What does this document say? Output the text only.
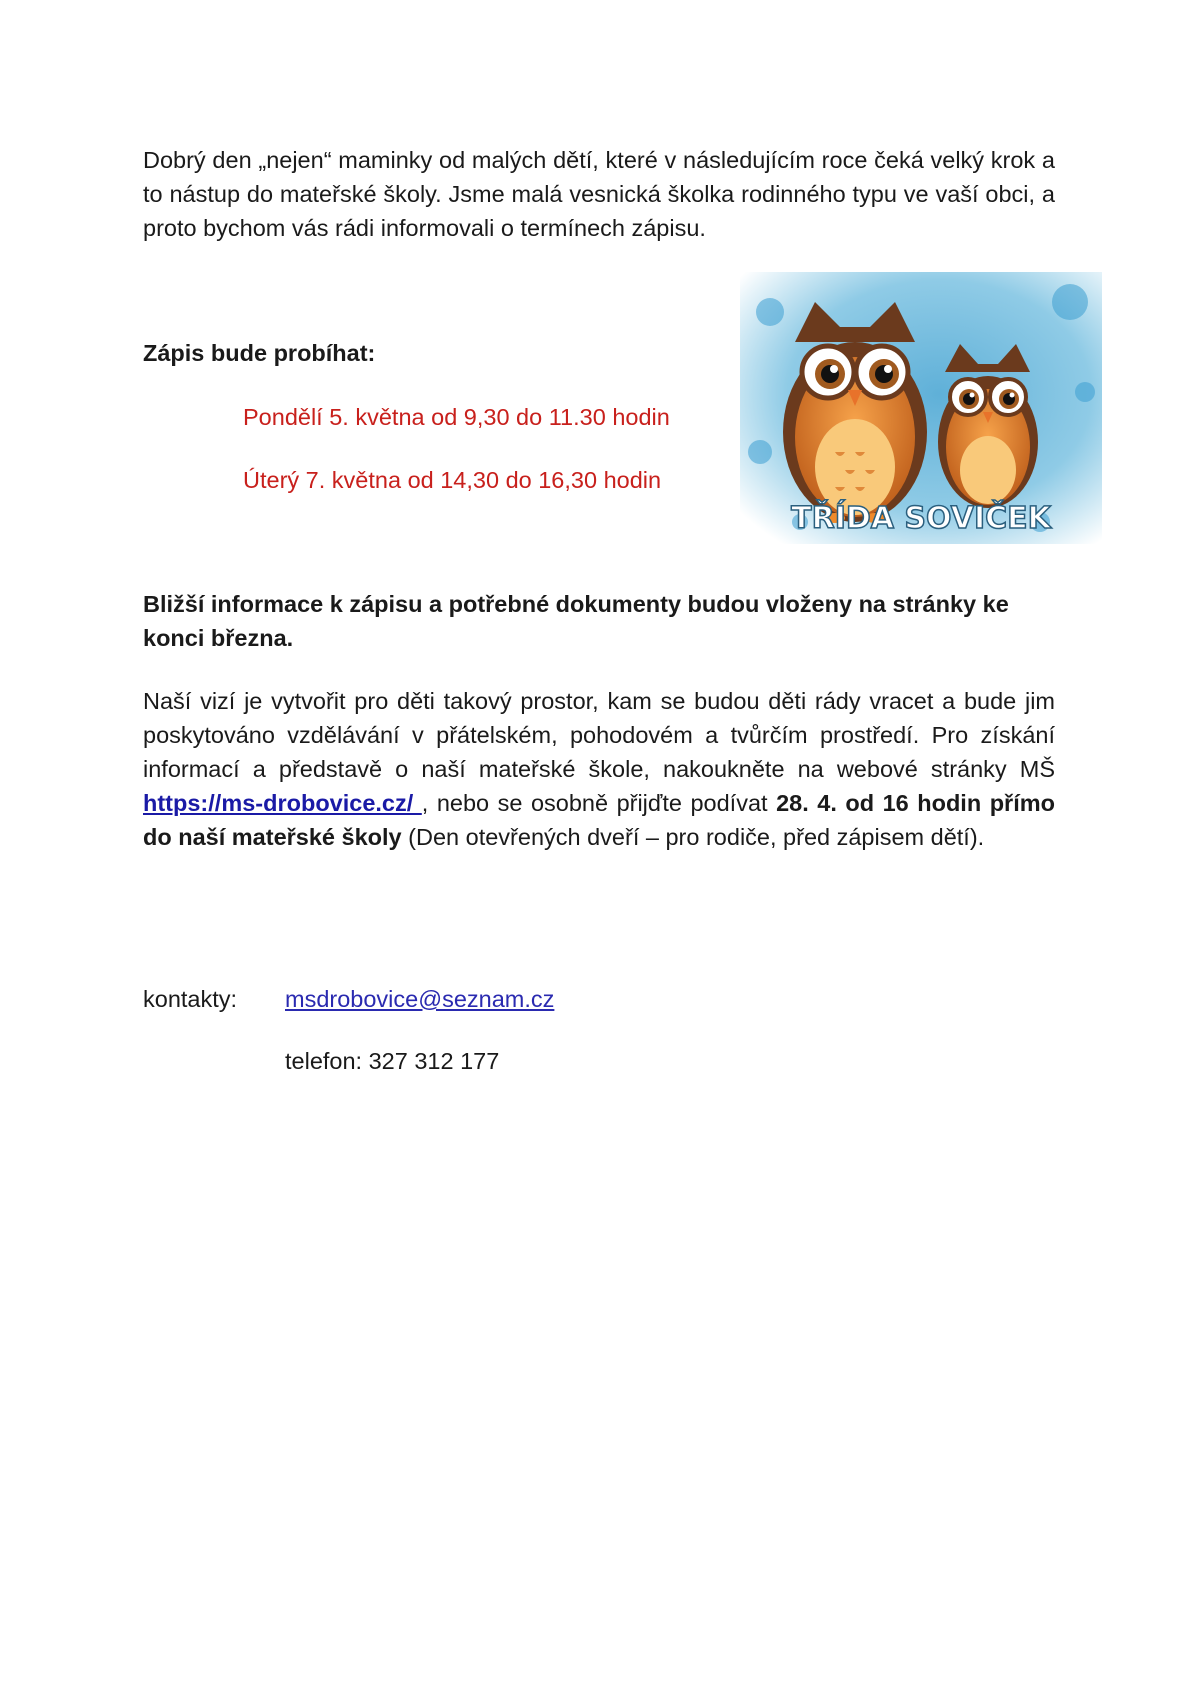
Dobrý den „nejen“ maminky od malých dětí, které v následujícím roce čeká velký krok a to nástup do mateřské školy. Jsme malá vesnická školka rodinného typu ve vaší obci, a proto bychom vás rádi informovali o termínech zápisu.

Zápis bude probíhat:
Pondělí 5. května od 9,30 do 11.30 hodin
Úterý 7. května od 14,30 do 16,30 hodin
TŘÍDA SOVIČEK

Bližší informace k zápisu a potřebné dokumenty budou vloženy na stránky ke konci března.

Naší vizí je vytvořit pro děti takový prostor, kam se budou děti rády vracet a bude jim poskytováno vzdělávání v přátelském, pohodovém a tvůrčím prostředí. Pro získání informací a představě o naší mateřské škole, nakoukněte na webové stránky MŠ https://ms-drobovice.cz/ , nebo se osobně přijďte podívat 28. 4. od 16 hodin přímo do naší mateřské školy (Den otevřených dveří – pro rodiče, před zápisem dětí).

kontakty: msdrobovice@seznam.cz
telefon: 327 312 177
